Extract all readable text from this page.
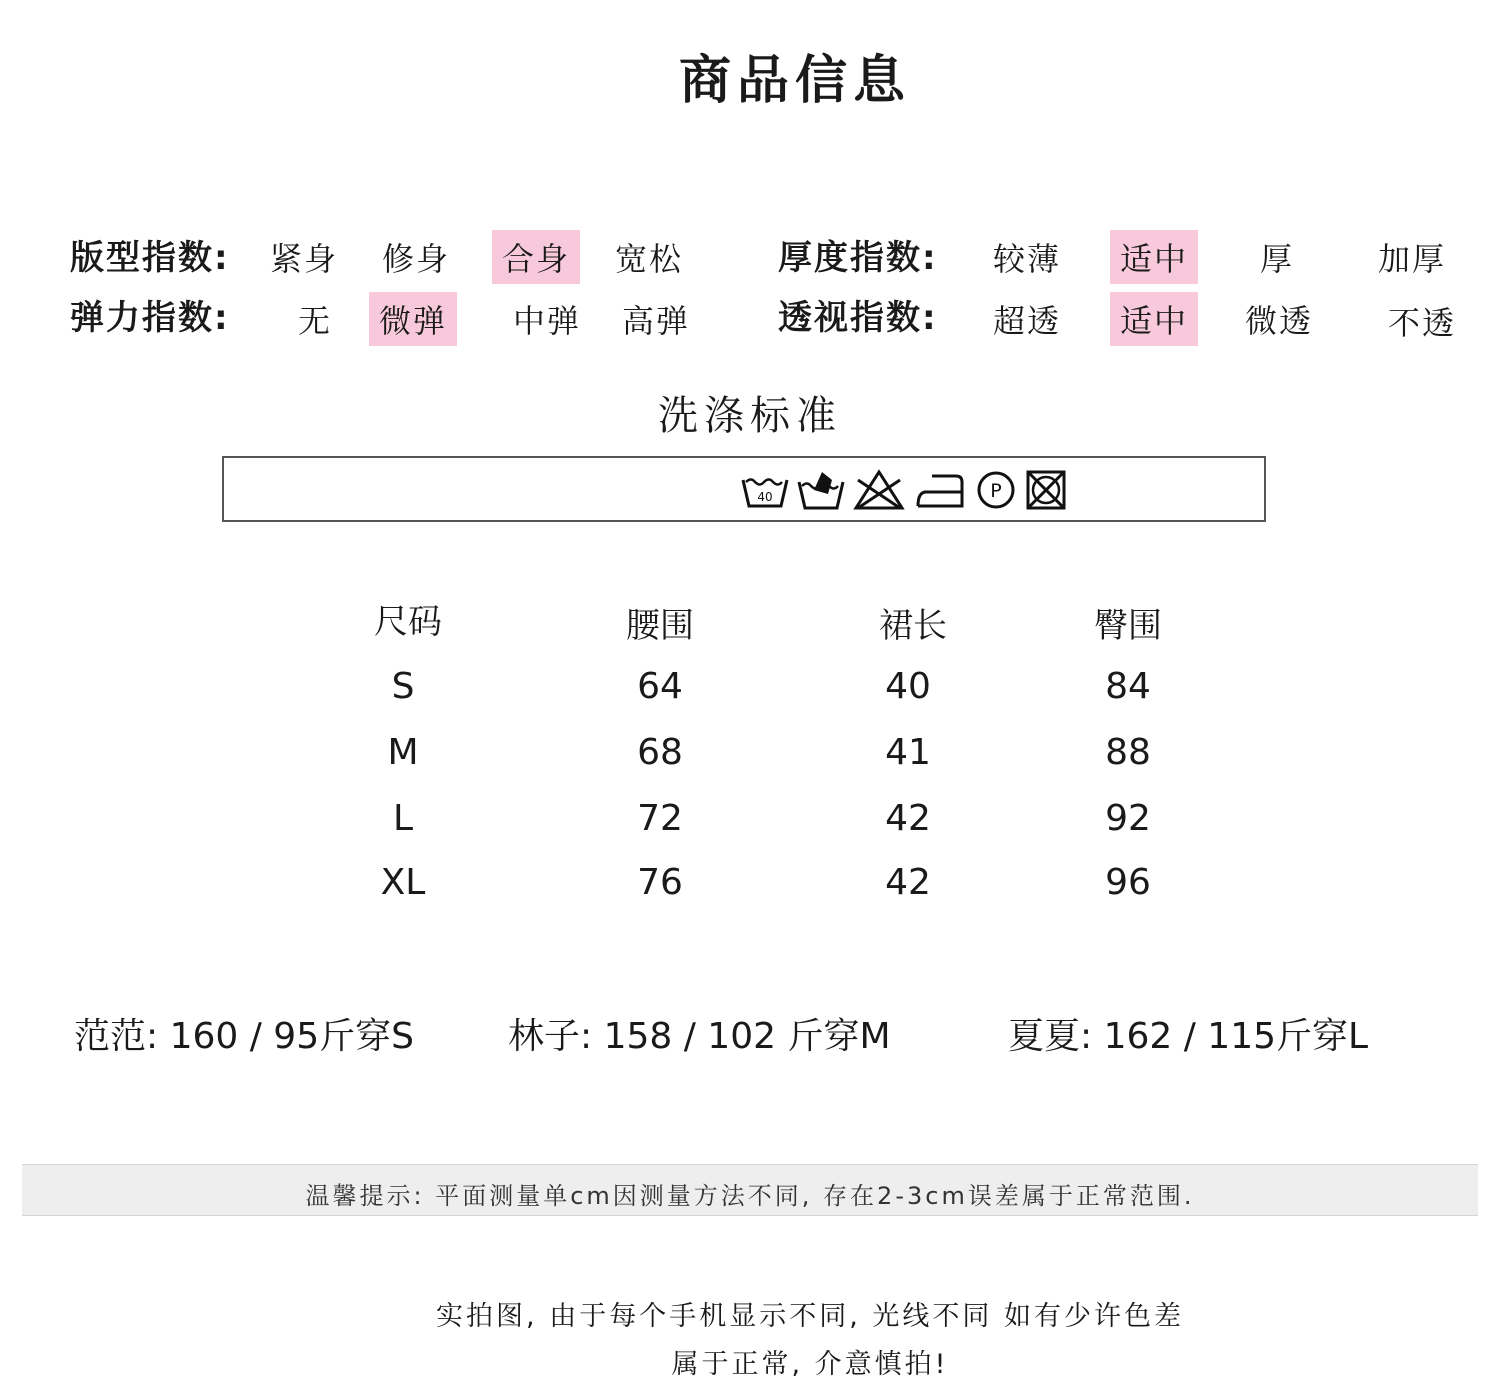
商品信息
版型指数:	紧身	修身	合身	宽松	厚度指数:	较薄	适中	厚	加厚
弹力指数:	无	微弹	中弹	高弹	透视指数:	超透	适中	微透	不透
洗涤标准
40	P
尺码	腰围	裙长	臀围
S	64	40	84
M	68	41	88
L	72	42	92
XL	76	42	96
范范: 160 / 95斤穿S	林子: 158 / 102 斤穿M	夏夏: 162 / 115斤穿L
温馨提示: 平面测量单cm因测量方法不同, 存在2-3cm误差属于正常范围.
实拍图, 由于每个手机显示不同, 光线不同 如有少许色差
属于正常, 介意慎拍!
